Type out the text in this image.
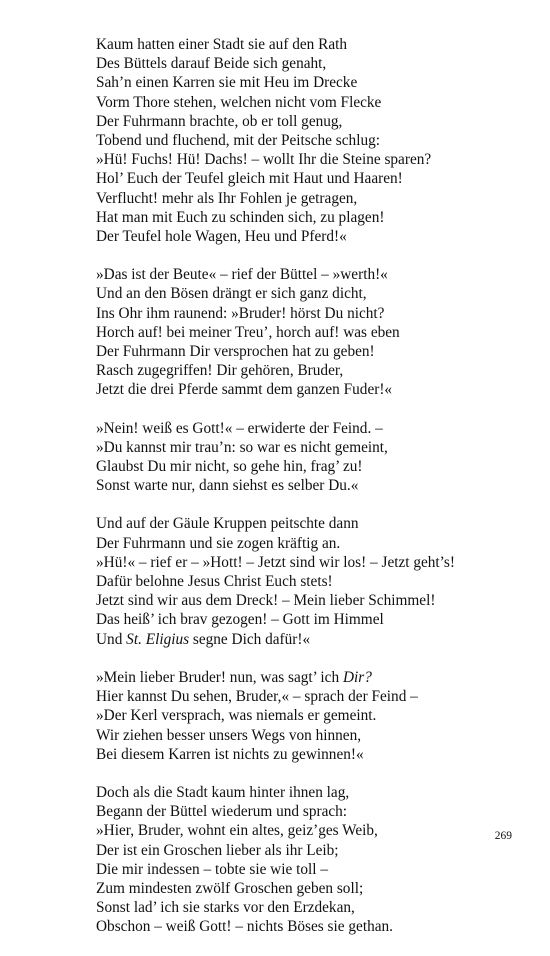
Kaum hatten einer Stadt sie auf den Rath
Des Büttels darauf Beide sich genaht,
Sah’n einen Karren sie mit Heu im Drecke
Vorm Thore stehen, welchen nicht vom Flecke
Der Fuhrmann brachte, ob er toll genug,
Tobend und fluchend, mit der Peitsche schlug:
»Hü! Fuchs! Hü! Dachs! – wollt Ihr die Steine sparen?
Hol’ Euch der Teufel gleich mit Haut und Haaren!
Verflucht! mehr als Ihr Fohlen je getragen,
Hat man mit Euch zu schinden sich, zu plagen!
Der Teufel hole Wagen, Heu und Pferd!«
»Das ist der Beute« – rief der Büttel – »werth!«
Und an den Bösen drängt er sich ganz dicht,
Ins Ohr ihm raunend: »Bruder! hörst Du nicht?
Horch auf! bei meiner Treu’, horch auf! was eben
Der Fuhrmann Dir versprochen hat zu geben!
Rasch zugegriffen! Dir gehören, Bruder,
Jetzt die drei Pferde sammt dem ganzen Fuder!«
»Nein! weiß es Gott!« – erwiderte der Feind. –
»Du kannst mir trau’n: so war es nicht gemeint,
Glaubst Du mir nicht, so gehe hin, frag’ zu!
Sonst warte nur, dann siehst es selber Du.«
Und auf der Gäule Kruppen peitschte dann
Der Fuhrmann und sie zogen kräftig an.
»Hü!« – rief er – »Hott! – Jetzt sind wir los! – Jetzt geht’s!
Dafür belohne Jesus Christ Euch stets!
Jetzt sind wir aus dem Dreck! – Mein lieber Schimmel!
Das heiß’ ich brav gezogen! – Gott im Himmel
Und St. Eligius segne Dich dafür!«
»Mein lieber Bruder! nun, was sagt’ ich Dir?
Hier kannst Du sehen, Bruder,« – sprach der Feind –
»Der Kerl versprach, was niemals er gemeint.
Wir ziehen besser unsers Wegs von hinnen,
Bei diesem Karren ist nichts zu gewinnen!«
Doch als die Stadt kaum hinter ihnen lag,
Begann der Büttel wiederum und sprach:
»Hier, Bruder, wohnt ein altes, geiz’ges Weib,
Der ist ein Groschen lieber als ihr Leib;
Die mir indessen – tobte sie wie toll –
Zum mindesten zwölf Groschen geben soll;
Sonst lad’ ich sie starks vor den Erzdekan,
Obschon – weiß Gott! – nichts Böses sie gethan.
269
